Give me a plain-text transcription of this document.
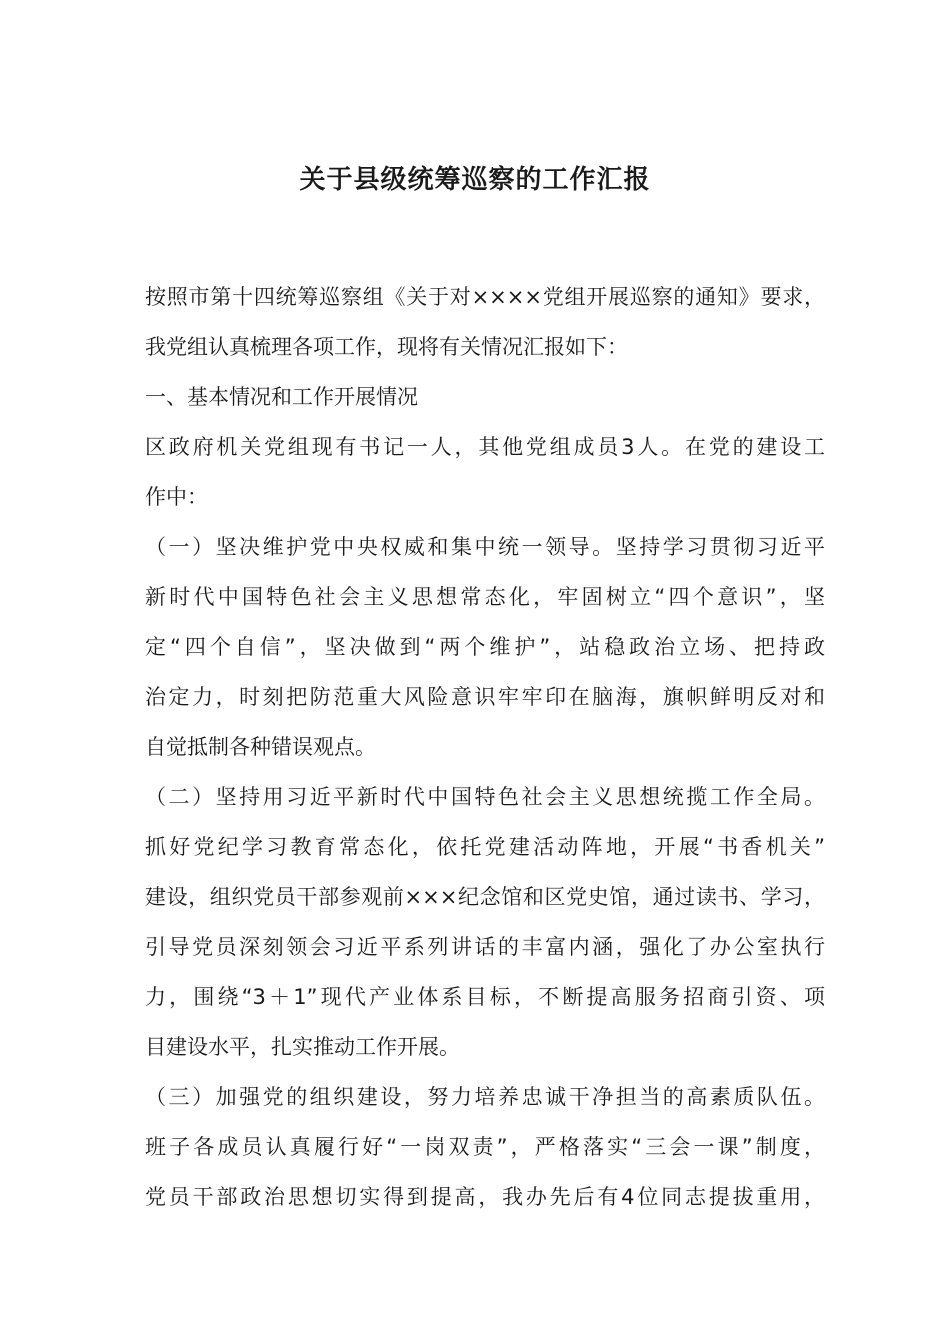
关于县级统筹巡察的工作汇报

按照市第十四统筹巡察组《关于对××××党组开展巡察的通知》要求，

我党组认真梳理各项工作，现将有关情况汇报如下：

一、基本情况和工作开展情况

区政府机关党组现有书记一人，其他党组成员3人。在党的建设工

作中：

（一）坚决维护党中央权威和集中统一领导。坚持学习贯彻习近平

新时代中国特色社会主义思想常态化，牢固树立“四个意识”，坚

定“四个自信”，坚决做到“两个维护”，站稳政治立场、把持政

治定力，时刻把防范重大风险意识牢牢印在脑海，旗帜鲜明反对和

自觉抵制各种错误观点。

（二）坚持用习近平新时代中国特色社会主义思想统揽工作全局。

抓好党纪学习教育常态化，依托党建活动阵地，开展“书香机关”

建设，组织党员干部参观前×××纪念馆和区党史馆，通过读书、学习，

引导党员深刻领会习近平系列讲话的丰富内涵，强化了办公室执行

力，围绕“3＋1”现代产业体系目标，不断提高服务招商引资、项

目建设水平，扎实推动工作开展。

（三）加强党的组织建设，努力培养忠诚干净担当的高素质队伍。

班子各成员认真履行好“一岗双责”，严格落实“三会一课”制度，

党员干部政治思想切实得到提高，我办先后有4位同志提拔重用，
